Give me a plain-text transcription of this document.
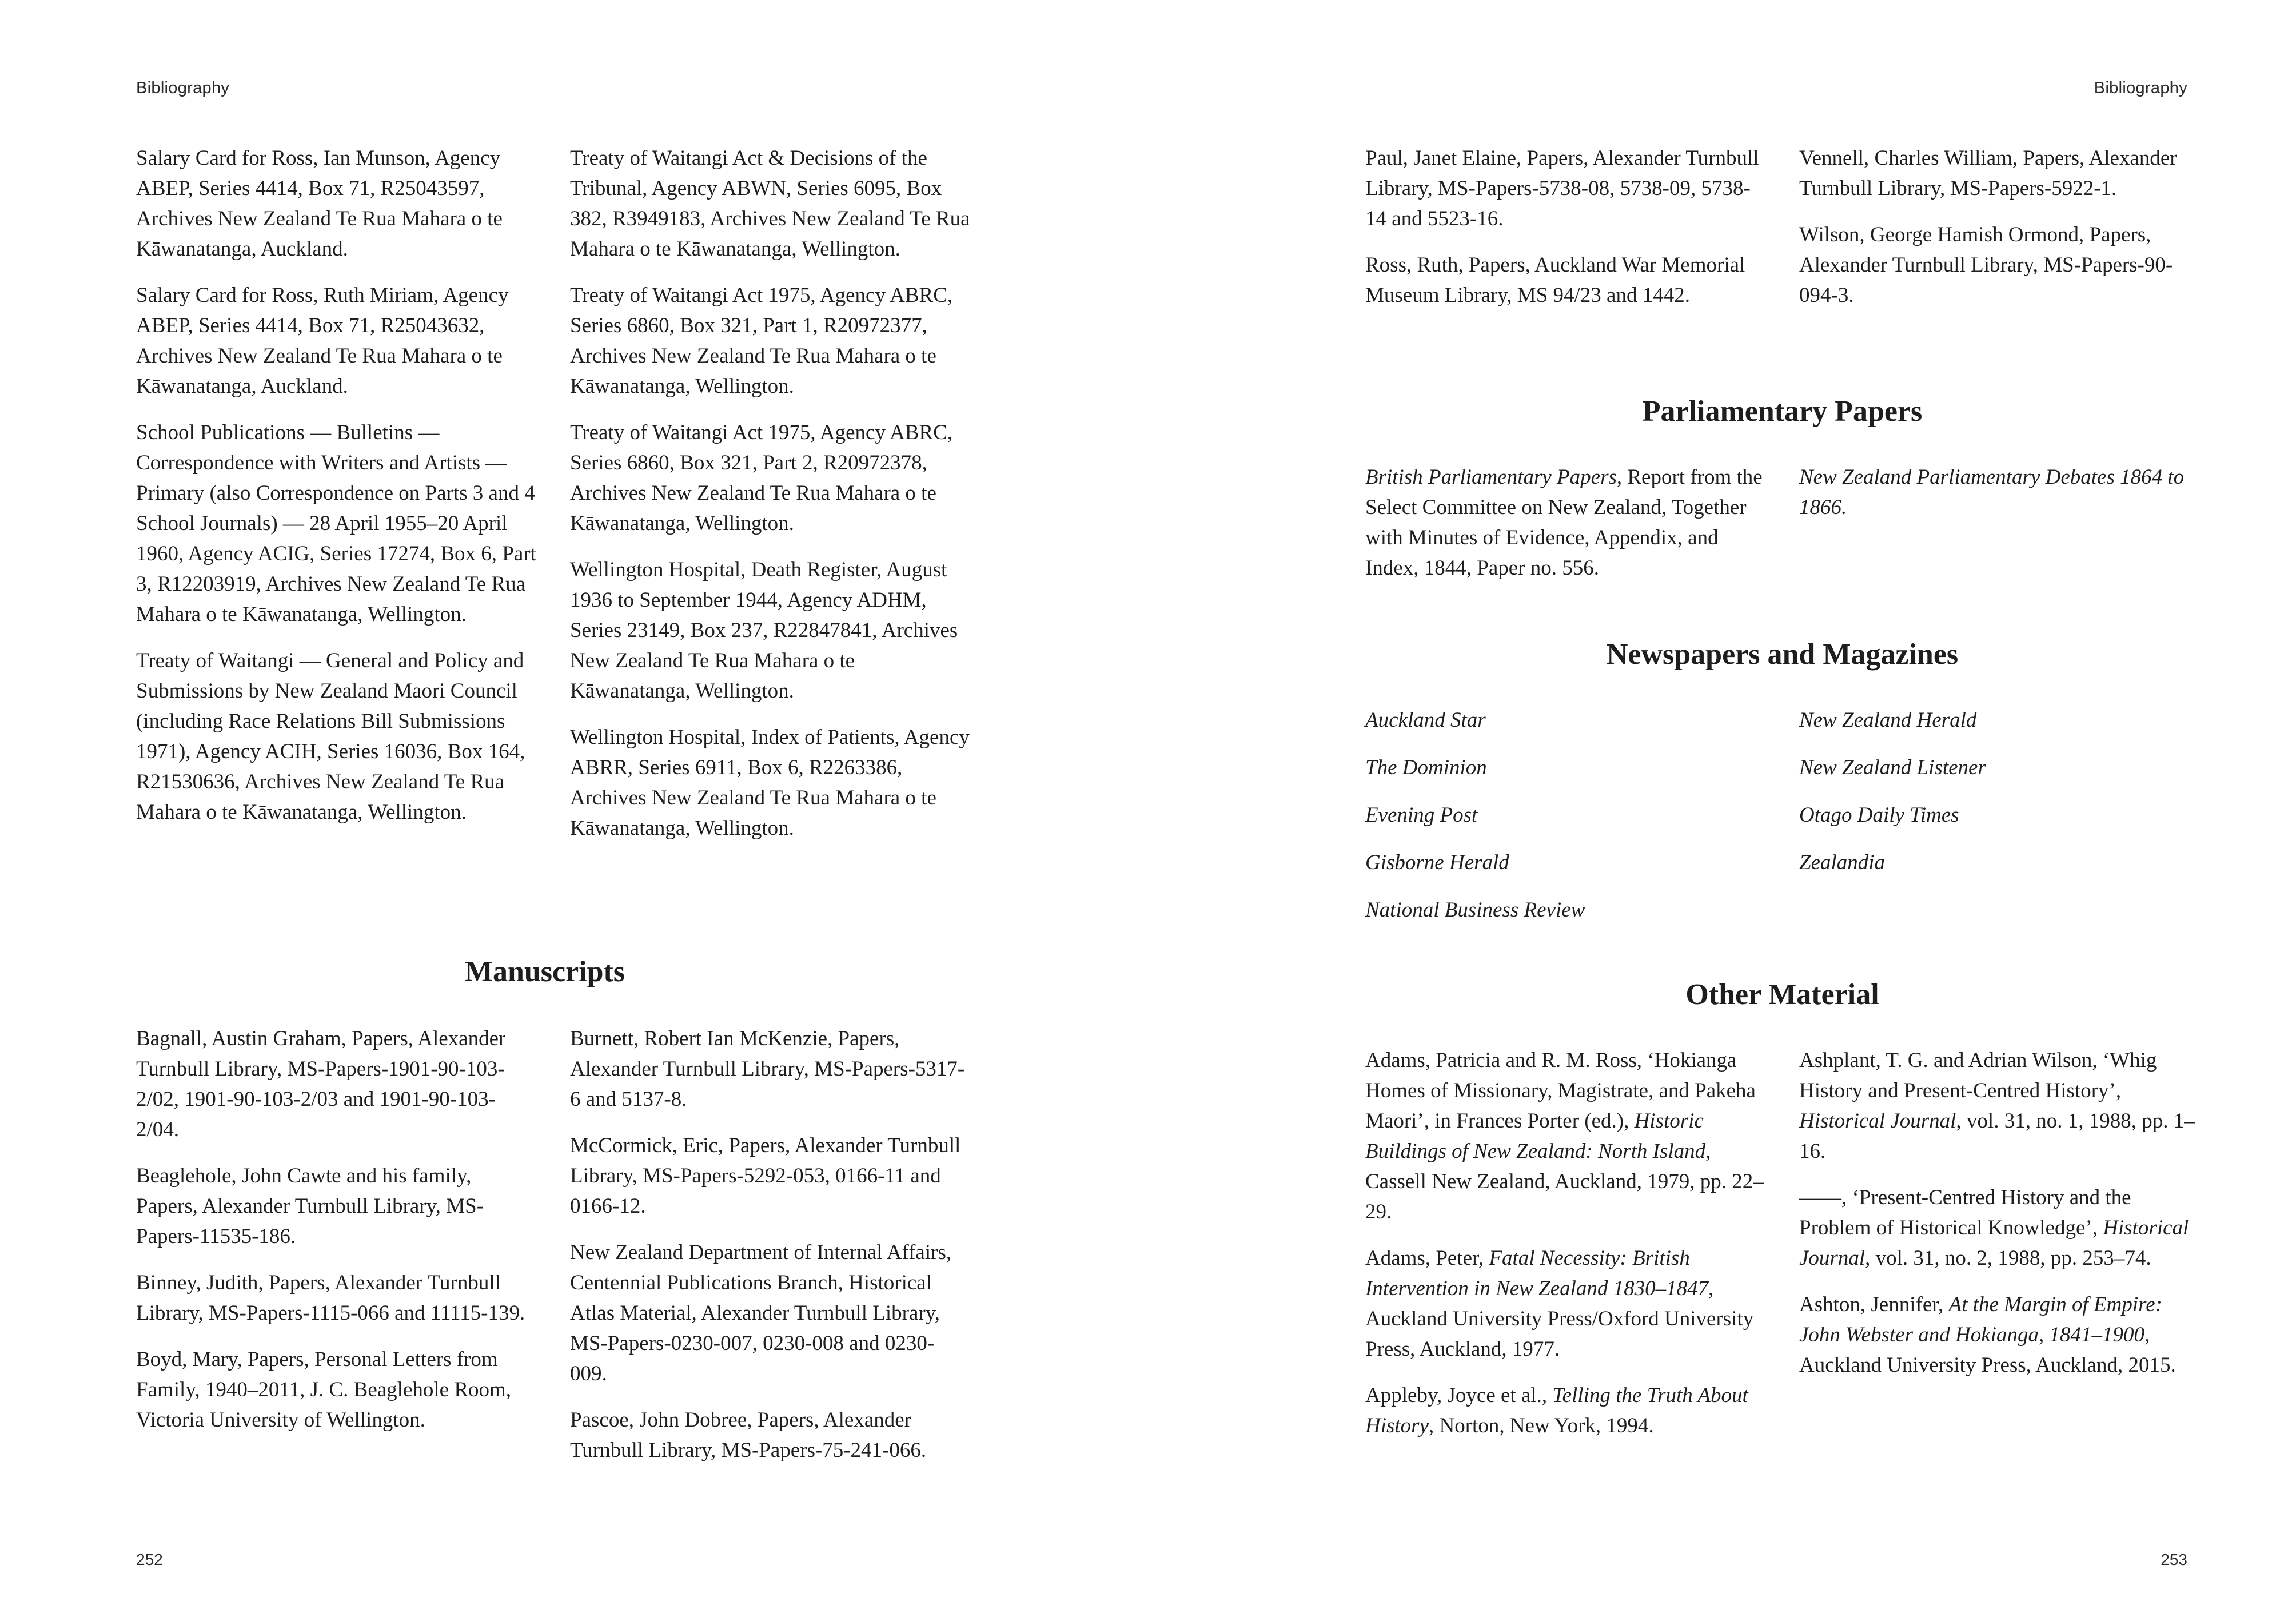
Bibliography

Salary Card for Ross, Ian Munson, Agency ABEP, Series 4414, Box 71, R25043597, Archives New Zealand Te Rua Mahara o te Kāwanatanga, Auckland.

Salary Card for Ross, Ruth Miriam, Agency ABEP, Series 4414, Box 71, R25043632, Archives New Zealand Te Rua Mahara o te Kāwanatanga, Auckland.

School Publications — Bulletins — Correspondence with Writers and Artists — Primary (also Correspondence on Parts 3 and 4 School Journals) — 28 April 1955–20 April 1960, Agency ACIG, Series 17274, Box 6, Part 3, R12203919, Archives New Zealand Te Rua Mahara o te Kāwanatanga, Wellington.

Treaty of Waitangi — General and Policy and Submissions by New Zealand Maori Council (including Race Relations Bill Submissions 1971), Agency ACIH, Series 16036, Box 164, R21530636, Archives New Zealand Te Rua Mahara o te Kāwanatanga, Wellington.

Treaty of Waitangi Act & Decisions of the Tribunal, Agency ABWN, Series 6095, Box 382, R3949183, Archives New Zealand Te Rua Mahara o te Kāwanatanga, Wellington.

Treaty of Waitangi Act 1975, Agency ABRC, Series 6860, Box 321, Part 1, R20972377, Archives New Zealand Te Rua Mahara o te Kāwanatanga, Wellington.

Treaty of Waitangi Act 1975, Agency ABRC, Series 6860, Box 321, Part 2, R20972378, Archives New Zealand Te Rua Mahara o te Kāwanatanga, Wellington.

Wellington Hospital, Death Register, August 1936 to September 1944, Agency ADHM, Series 23149, Box 237, R22847841, Archives New Zealand Te Rua Mahara o te Kāwanatanga, Wellington.

Wellington Hospital, Index of Patients, Agency ABRR, Series 6911, Box 6, R2263386, Archives New Zealand Te Rua Mahara o te Kāwanatanga, Wellington.

Manuscripts

Bagnall, Austin Graham, Papers, Alexander Turnbull Library, MS-Papers-1901-90-103-2/02, 1901-90-103-2/03 and 1901-90-103-2/04.

Beaglehole, John Cawte and his family, Papers, Alexander Turnbull Library, MS-Papers-11535-186.

Binney, Judith, Papers, Alexander Turnbull Library, MS-Papers-1115-066 and 11115-139.

Boyd, Mary, Papers, Personal Letters from Family, 1940–2011, J. C. Beaglehole Room, Victoria University of Wellington.

Burnett, Robert Ian McKenzie, Papers, Alexander Turnbull Library, MS-Papers-5317-6 and 5137-8.

McCormick, Eric, Papers, Alexander Turnbull Library, MS-Papers-5292-053, 0166-11 and 0166-12.

New Zealand Department of Internal Affairs, Centennial Publications Branch, Historical Atlas Material, Alexander Turnbull Library, MS-Papers-0230-007, 0230-008 and 0230-009.

Pascoe, John Dobree, Papers, Alexander Turnbull Library, MS-Papers-75-241-066.

252
Bibliography

Paul, Janet Elaine, Papers, Alexander Turnbull Library, MS-Papers-5738-08, 5738-09, 5738-14 and 5523-16.

Ross, Ruth, Papers, Auckland War Memorial Museum Library, MS 94/23 and 1442.

Vennell, Charles William, Papers, Alexander Turnbull Library, MS-Papers-5922-1.

Wilson, George Hamish Ormond, Papers, Alexander Turnbull Library, MS-Papers-90-094-3.

Parliamentary Papers

British Parliamentary Papers, Report from the Select Committee on New Zealand, Together with Minutes of Evidence, Appendix, and Index, 1844, Paper no. 556.

New Zealand Parliamentary Debates 1864 to 1866.

Newspapers and Magazines

Auckland Star

The Dominion

Evening Post

Gisborne Herald

National Business Review

New Zealand Herald

New Zealand Listener

Otago Daily Times

Zealandia

Other Material

Adams, Patricia and R. M. Ross, ‘Hokianga Homes of Missionary, Magistrate, and Pakeha Maori’, in Frances Porter (ed.), Historic Buildings of New Zealand: North Island, Cassell New Zealand, Auckland, 1979, pp. 22–29.

Adams, Peter, Fatal Necessity: British Intervention in New Zealand 1830–1847, Auckland University Press/Oxford University Press, Auckland, 1977.

Appleby, Joyce et al., Telling the Truth About History, Norton, New York, 1994.

Ashplant, T. G. and Adrian Wilson, ‘Whig History and Present-Centred History’, Historical Journal, vol. 31, no. 1, 1988, pp. 1–16.

——, ‘Present-Centred History and the Problem of Historical Knowledge’, Historical Journal, vol. 31, no. 2, 1988, pp. 253–74.

Ashton, Jennifer, At the Margin of Empire: John Webster and Hokianga, 1841–1900, Auckland University Press, Auckland, 2015.

253
